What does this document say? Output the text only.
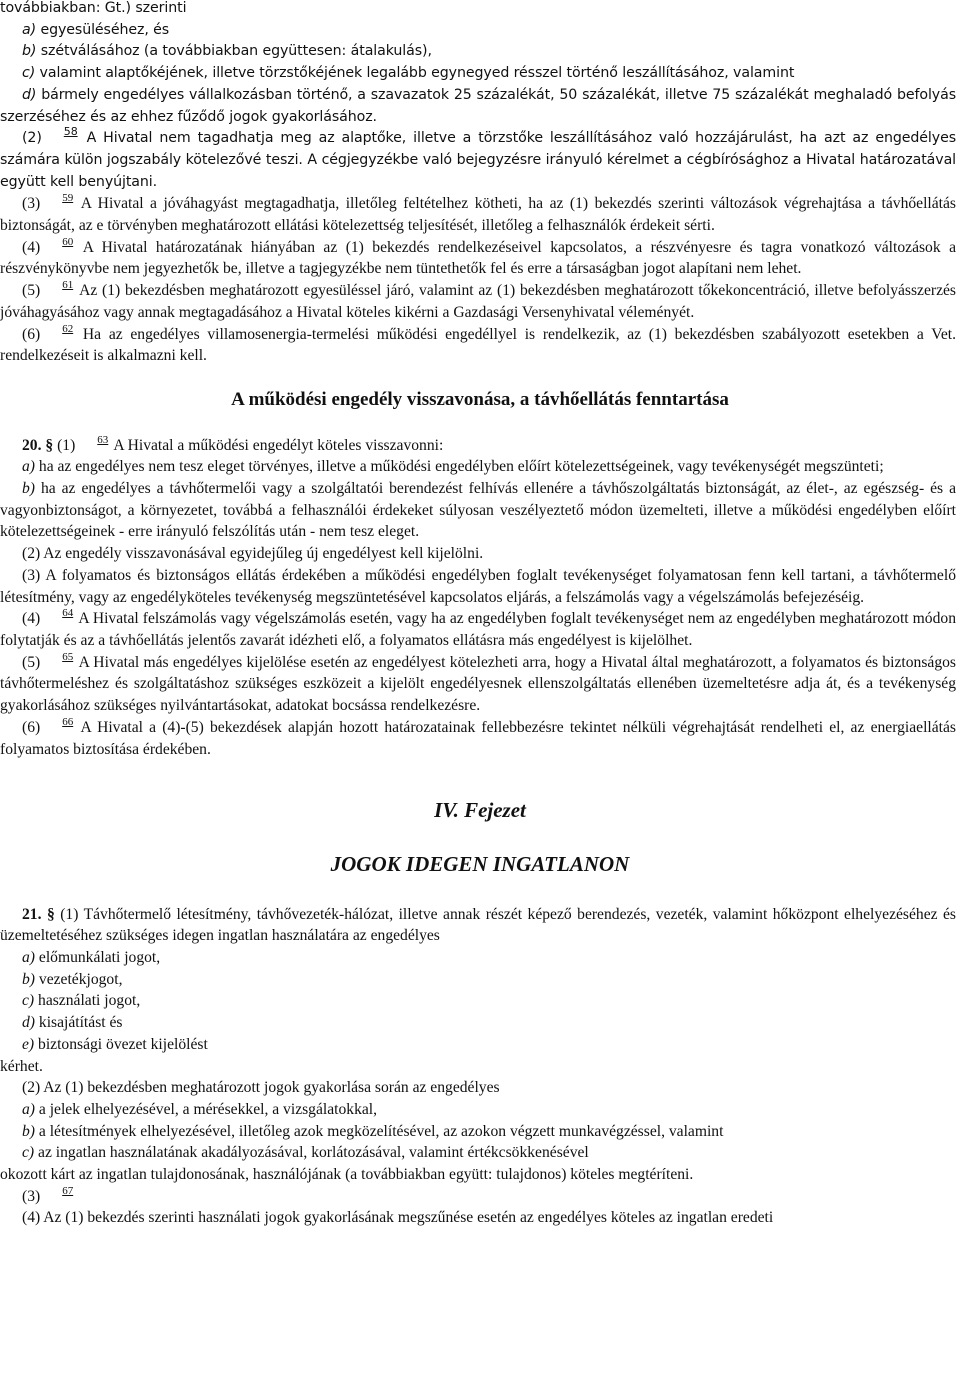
továbbiakban: Gt.) szerinti

a) egyesüléséhez, és

b) szétválásához (a továbbiakban együttesen: átalakulás),

c) valamint alaptőkéjének, illetve törzstőkéjének legalább egynegyed résszel történő leszállításához, valamint

d) bármely engedélyes vállalkozásban történő, a szavazatok 25 százalékát, 50 százalékát, illetve 75 százalékát meghaladó befolyás szerzéséhez és az ehhez fűződő jogok gyakorlásához.

(2) 58 A Hivatal nem tagadhatja meg az alaptőke, illetve a törzstőke leszállításához való hozzájárulást, ha azt az engedélyes számára külön jogszabály kötelezővé teszi. A cégjegyzékbe való bejegyzésre irányuló kérelmet a cégbírósághoz a Hivatal határozatával együtt kell benyújtani.

(3) 59 A Hivatal a jóváhagyást megtagadhatja, illetőleg feltételhez kötheti, ha az (1) bekezdés szerinti változások végrehajtása a távhőellátás biztonságát, az e törvényben meghatározott ellátási kötelezettség teljesítését, illetőleg a felhasználók érdekeit sérti.

(4) 60 A Hivatal határozatának hiányában az (1) bekezdés rendelkezéseivel kapcsolatos, a részvényesre és tagra vonatkozó változások a részvénykönyvbe nem jegyezhetők be, illetve a tagjegyzékbe nem tüntethetők fel és erre a társaságban jogot alapítani nem lehet.

(5) 61 Az (1) bekezdésben meghatározott egyesüléssel járó, valamint az (1) bekezdésben meghatározott tőkekoncentráció, illetve befolyásszerzés jóváhagyásához vagy annak megtagadásához a Hivatal köteles kikérni a Gazdasági Versenyhivatal véleményét.

(6) 62 Ha az engedélyes villamosenergia-termelési működési engedéllyel is rendelkezik, az (1) bekezdésben szabályozott esetekben a Vet. rendelkezéseit is alkalmazni kell.

A működési engedély visszavonása, a távhőellátás fenntartása

20. § (1) 63 A Hivatal a működési engedélyt köteles visszavonni:

a) ha az engedélyes nem tesz eleget törvényes, illetve a működési engedélyben előírt kötelezettségeinek, vagy tevékenységét megszünteti;

b) ha az engedélyes a távhőtermelői vagy a szolgáltatói berendezést felhívás ellenére a távhőszolgáltatás biztonságát, az élet-, az egészség- és a vagyonbiztonságot, a környezetet, továbbá a felhasználói érdekeket súlyosan veszélyeztető módon üzemelteti, illetve a működési engedélyben előírt kötelezettségeinek - erre irányuló felszólítás után - nem tesz eleget.

(2) Az engedély visszavonásával egyidejűleg új engedélyest kell kijelölni.

(3) A folyamatos és biztonságos ellátás érdekében a működési engedélyben foglalt tevékenységet folyamatosan fenn kell tartani, a távhőtermelő létesítmény, vagy az engedélyköteles tevékenység megszüntetésével kapcsolatos eljárás, a felszámolás vagy a végelszámolás befejezéséig.

(4) 64 A Hivatal felszámolás vagy végelszámolás esetén, vagy ha az engedélyben foglalt tevékenységet nem az engedélyben meghatározott módon folytatják és az a távhőellátás jelentős zavarát idézheti elő, a folyamatos ellátásra más engedélyest is kijelölhet.

(5) 65 A Hivatal más engedélyes kijelölése esetén az engedélyest kötelezheti arra, hogy a Hivatal által meghatározott, a folyamatos és biztonságos távhőtermeléshez és szolgáltatáshoz szükséges eszközeit a kijelölt engedélyesnek ellenszolgáltatás ellenében üzemeltetésre adja át, és a tevékenység gyakorlásához szükséges nyilvántartásokat, adatokat bocsássa rendelkezésre.

(6) 66 A Hivatal a (4)-(5) bekezdések alapján hozott határozatainak fellebbezésre tekintet nélküli végrehajtását rendelheti el, az energiaellátás folyamatos biztosítása érdekében.

IV. Fejezet
JOGOK IDEGEN INGATLANON

21. § (1) Távhőtermelő létesítmény, távhővezeték-hálózat, illetve annak részét képező berendezés, vezeték, valamint hőközpont elhelyezéséhez és üzemeltetéséhez szükséges idegen ingatlan használatára az engedélyes

a) előmunkálati jogot,

b) vezetékjogot,

c) használati jogot,

d) kisajátítást és

e) biztonsági övezet kijelölést

kérhet.

(2) Az (1) bekezdésben meghatározott jogok gyakorlása során az engedélyes

a) a jelek elhelyezésével, a mérésekkel, a vizsgálatokkal,

b) a létesítmények elhelyezésével, illetőleg azok megközelítésével, az azokon végzett munkavégzéssel, valamint

c) az ingatlan használatának akadályozásával, korlátozásával, valamint értékcsökkenésével

okozott kárt az ingatlan tulajdonosának, használójának (a továbbiakban együtt: tulajdonos) köteles megtéríteni.

(3) 67

(4) Az (1) bekezdés szerinti használati jogok gyakorlásának megszűnése esetén az engedélyes köteles az ingatlan eredeti
